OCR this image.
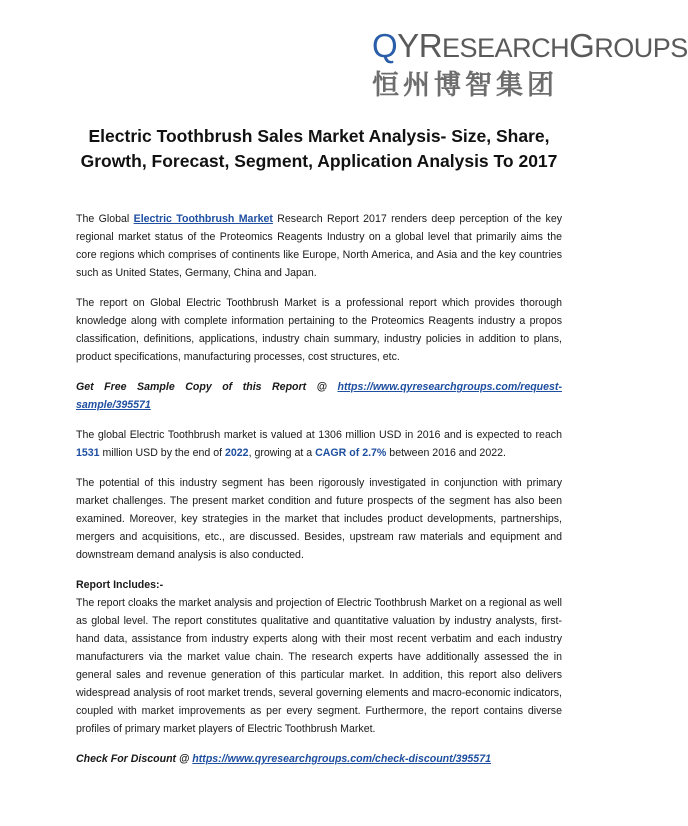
QYRESEARCHGROUPS
恒州博智集团
Electric Toothbrush Sales Market Analysis- Size, Share, Growth, Forecast, Segment, Application Analysis To 2017

The Global Electric Toothbrush Market Research Report 2017 renders deep perception of the key regional market status of the Proteomics Reagents Industry on a global level that primarily aims the core regions which comprises of continents like Europe, North America, and Asia and the key countries such as United States, Germany, China and Japan.

The report on Global Electric Toothbrush Market is a professional report which provides thorough knowledge along with complete information pertaining to the Proteomics Reagents industry a propos classification, definitions, applications, industry chain summary, industry policies in addition to plans, product specifications, manufacturing processes, cost structures, etc.

Get Free Sample Copy of this Report @ https://www.qyresearchgroups.com/request-sample/395571

The global Electric Toothbrush market is valued at 1306 million USD in 2016 and is expected to reach 1531 million USD by the end of 2022, growing at a CAGR of 2.7% between 2016 and 2022.

The potential of this industry segment has been rigorously investigated in conjunction with primary market challenges. The present market condition and future prospects of the segment has also been examined. Moreover, key strategies in the market that includes product developments, partnerships, mergers and acquisitions, etc., are discussed. Besides, upstream raw materials and equipment and downstream demand analysis is also conducted.

Report Includes:-

The report cloaks the market analysis and projection of Electric Toothbrush Market on a regional as well as global level. The report constitutes qualitative and quantitative valuation by industry analysts, first-hand data, assistance from industry experts along with their most recent verbatim and each industry manufacturers via the market value chain. The research experts have additionally assessed the in general sales and revenue generation of this particular market. In addition, this report also delivers widespread analysis of root market trends, several governing elements and macro-economic indicators, coupled with market improvements as per every segment. Furthermore, the report contains diverse profiles of primary market players of Electric Toothbrush Market.

Check For Discount @ https://www.qyresearchgroups.com/check-discount/395571
